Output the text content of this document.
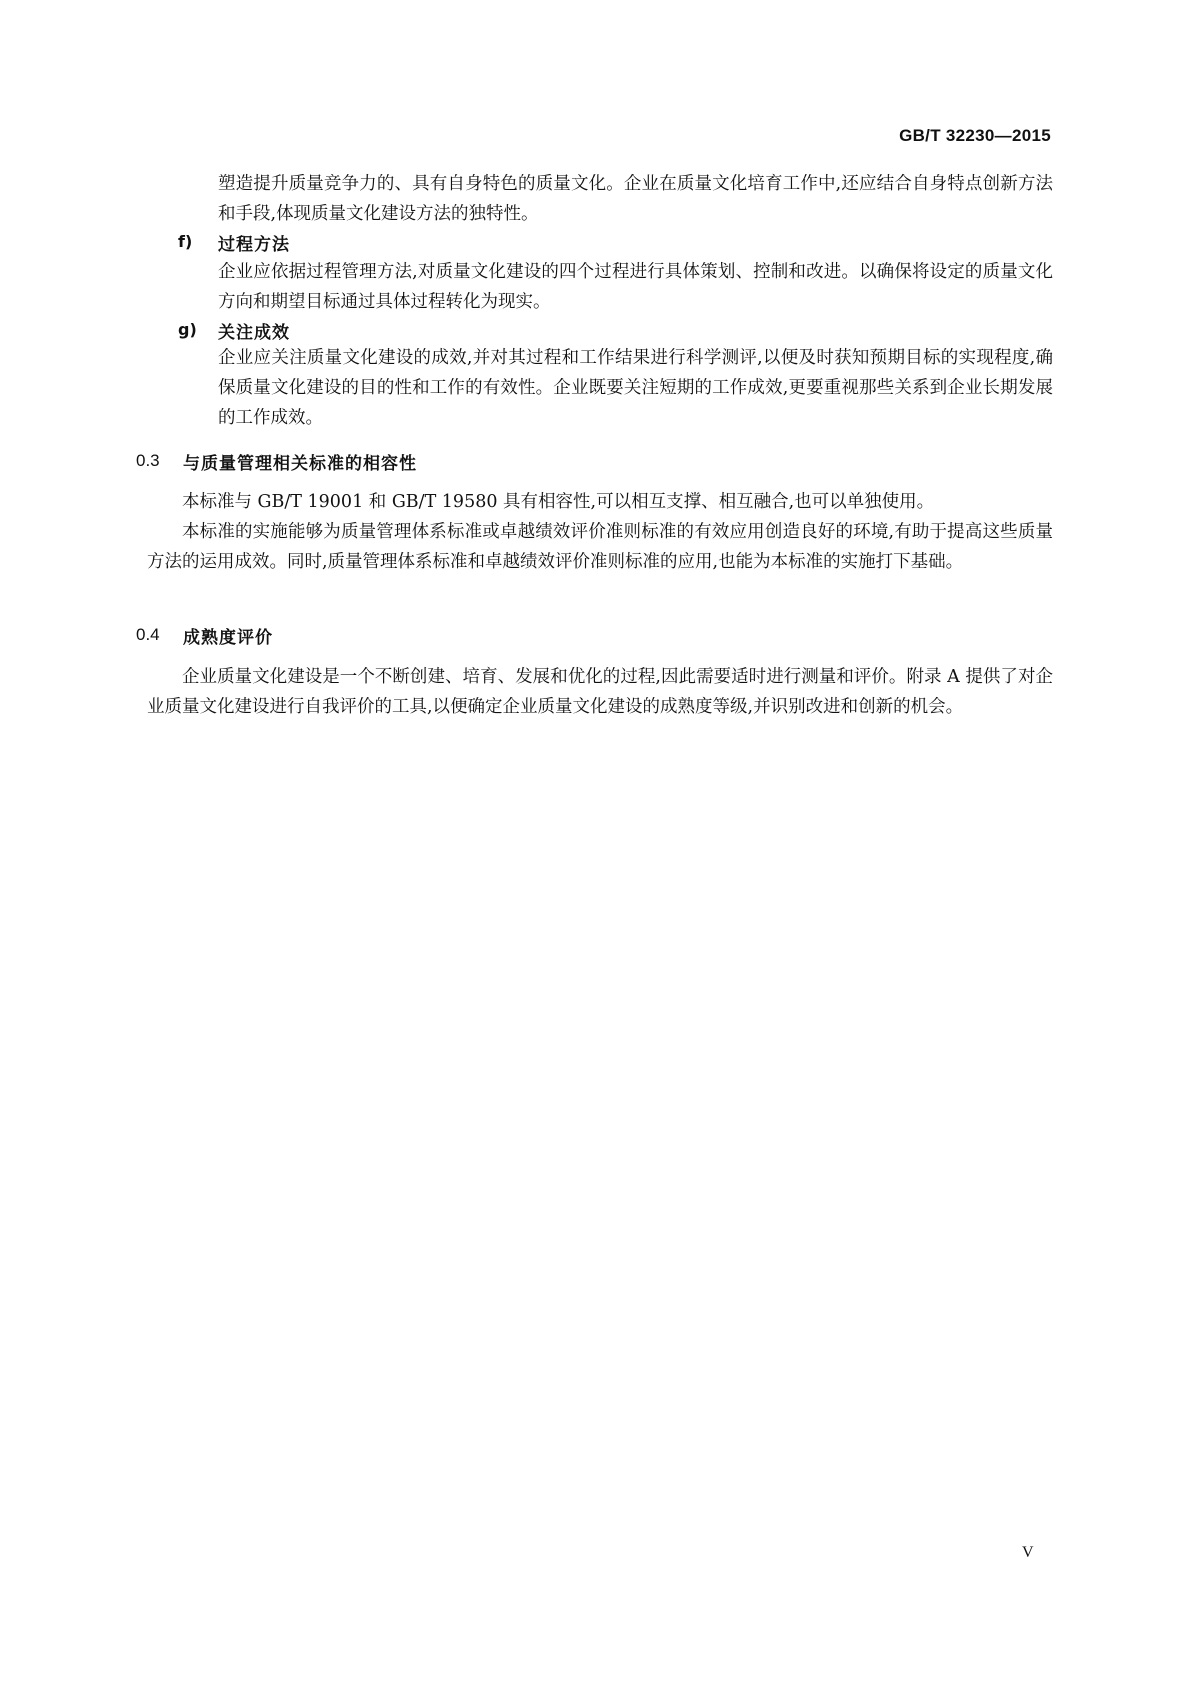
GB/T 32230—2015

塑造提升质量竞争力的、具有自身特色的质量文化。企业在质量文化培育工作中,还应结合自身特点创新方法和手段,体现质量文化建设方法的独特性。

f) 过程方法

企业应依据过程管理方法,对质量文化建设的四个过程进行具体策划、控制和改进。以确保将设定的质量文化方向和期望目标通过具体过程转化为现实。

g) 关注成效

企业应关注质量文化建设的成效,并对其过程和工作结果进行科学测评,以便及时获知预期目标的实现程度,确保质量文化建设的目的性和工作的有效性。企业既要关注短期的工作成效,更要重视那些关系到企业长期发展的工作成效。

0.3 与质量管理相关标准的相容性

本标准与 GB/T 19001 和 GB/T 19580 具有相容性,可以相互支撑、相互融合,也可以单独使用。

本标准的实施能够为质量管理体系标准或卓越绩效评价准则标准的有效应用创造良好的环境,有助于提高这些质量方法的运用成效。同时,质量管理体系标准和卓越绩效评价准则标准的应用,也能为本标准的实施打下基础。

0.4 成熟度评价

企业质量文化建设是一个不断创建、培育、发展和优化的过程,因此需要适时进行测量和评价。附录 A 提供了对企业质量文化建设进行自我评价的工具,以便确定企业质量文化建设的成熟度等级,并识别改进和创新的机会。

V
